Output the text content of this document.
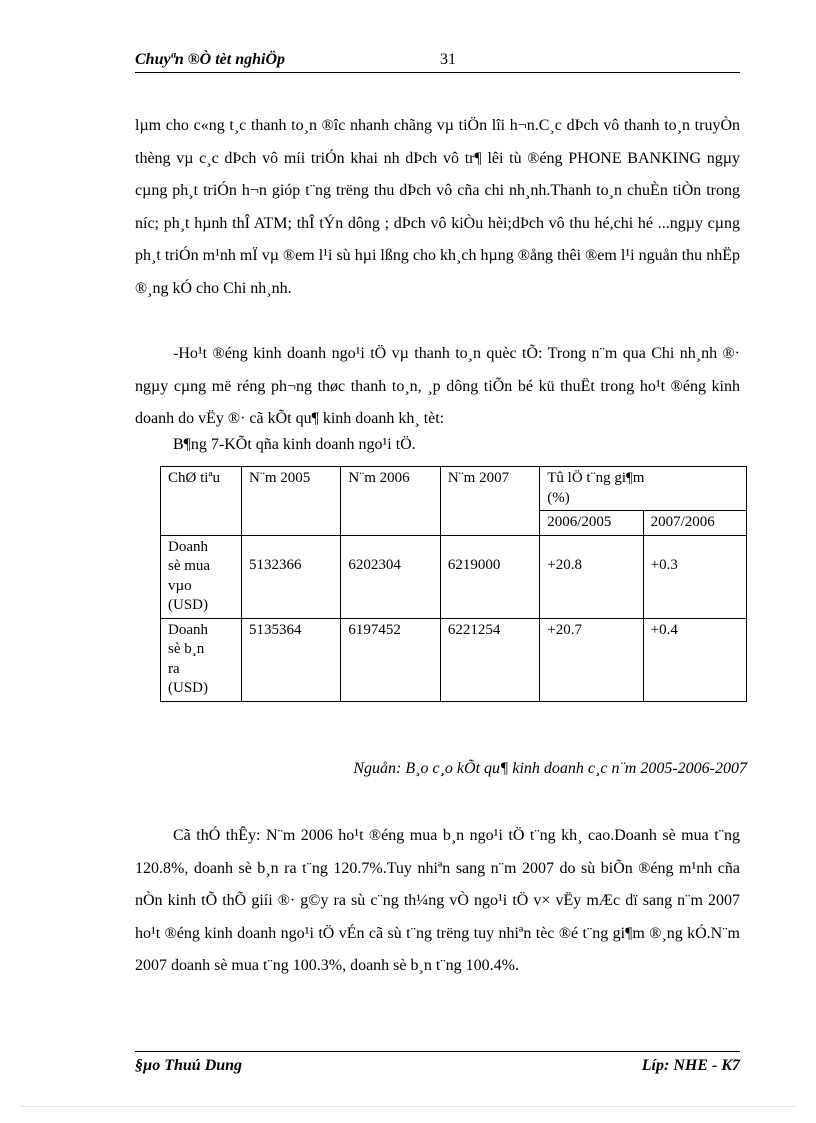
Chuyªn ®Ò tèt nghiÖp	31

lµm cho c«ng t¸c thanh to¸n ®îc nhanh chãng vµ tiÖn lîi h¬n.C¸c dÞch vô thanh to¸n truyÒn thèng vµ c¸c dÞch vô míi triÓn khai nh dÞch vô tr¶ lêi tù ®éng PHONE BANKING ngµy cµng ph¸t triÓn h¬n gióp t¨ng trëng thu dÞch vô cña chi nh¸nh.Thanh to¸n chuÈn tiÒn trong níc; ph¸t hµnh thÎ ATM; thÎ tÝn dông ; dÞch vô kiÒu hèi;dÞch vô thu hé,chi hé ...ngµy cµng ph¸t triÓn m¹nh mÏ vµ ®em l¹i sù hµi lßng cho kh¸ch hµng ®ång thêi ®em l¹i nguån thu nhËp ®¸ng kÓ cho Chi nh¸nh.

-Ho¹t ®éng kinh doanh ngo¹i tÖ vµ thanh to¸n quèc tÕ: Trong n¨m qua Chi nh¸nh ®· ngµy cµng më réng ph¬ng thøc thanh to¸n, ¸p dông tiÕn bé kü thuËt trong ho¹t ®éng kinh doanh do vËy ®· cã kÕt qu¶ kinh doanh kh¸ tèt:

B¶ng 7-KÕt qña kinh doanh ngo¹i tÖ.
ChØ tiªu	N¨m 2005	N¨m 2006	N¨m 2007	Tû lÖ t¨ng gi¶m
(%)	
				2006/2005	2007/2006
Doanh
sè mua
vµo
(USD)	5132366	6202304	6219000	+20.8	+0.3
Doanh
sè b¸n
ra
(USD)	5135364	6197452	6221254	+20.7	+0.4
Nguån: B¸o c¸o kÕt qu¶ kinh doanh c¸c n¨m 2005-2006-2007

Cã thÓ thÊy: N¨m 2006 ho¹t ®éng mua b¸n ngo¹i tÖ t¨ng kh¸ cao.Doanh sè mua t¨ng 120.8%, doanh sè b¸n ra t¨ng 120.7%.Tuy nhiªn sang n¨m 2007 do sù biÕn ®éng m¹nh cña nÒn kinh tÕ thÕ giíi ®· g©y ra sù c¨ng th¼ng vÒ ngo¹i tÖ v× vËy mÆc dï sang n¨m 2007 ho¹t ®éng kinh doanh ngo¹i tÖ vÉn cã sù t¨ng trëng tuy nhiªn tèc ®é t¨ng gi¶m ®¸ng kÓ.N¨m 2007 doanh sè mua t¨ng 100.3%, doanh sè b¸n t¨ng 100.4%.

§µo Thuú Dung	Líp: NHE - K7
